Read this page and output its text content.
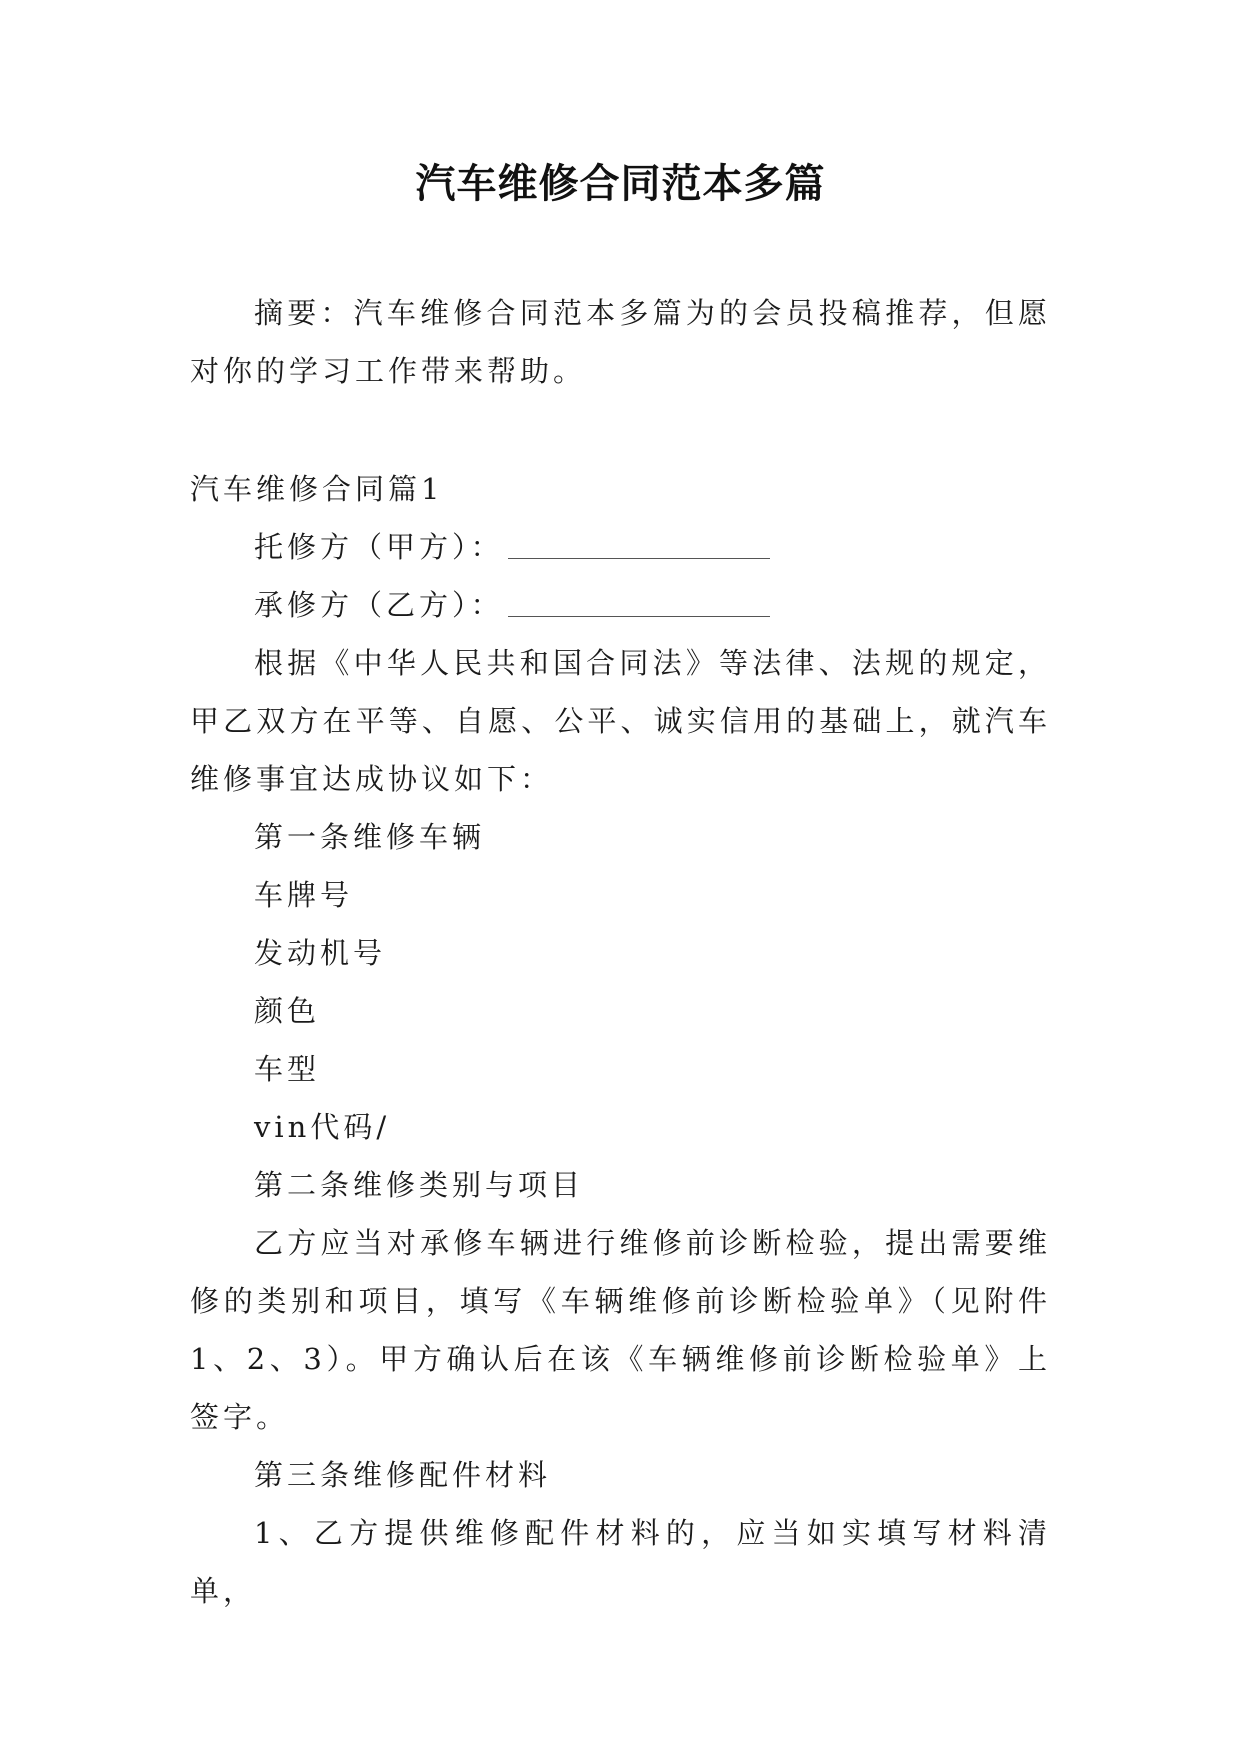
汽车维修合同范本多篇

摘要：汽车维修合同范本多篇为的会员投稿推荐，但愿对你的学习工作带来帮助。

汽车维修合同篇1

托修方（甲方）：

承修方（乙方）：

根据《中华人民共和国合同法》等法律、法规的规定，甲乙双方在平等、自愿、公平、诚实信用的基础上，就汽车维修事宜达成协议如下：

第一条维修车辆

车牌号

发动机号

颜色

车型

vin代码/

第二条维修类别与项目

乙方应当对承修车辆进行维修前诊断检验，提出需要维修的类别和项目，填写《车辆维修前诊断检验单》（见附件1、2、3）。甲方确认后在该《车辆维修前诊断检验单》上签字。

第三条维修配件材料

1、乙方提供维修配件材料的，应当如实填写材料清单，
